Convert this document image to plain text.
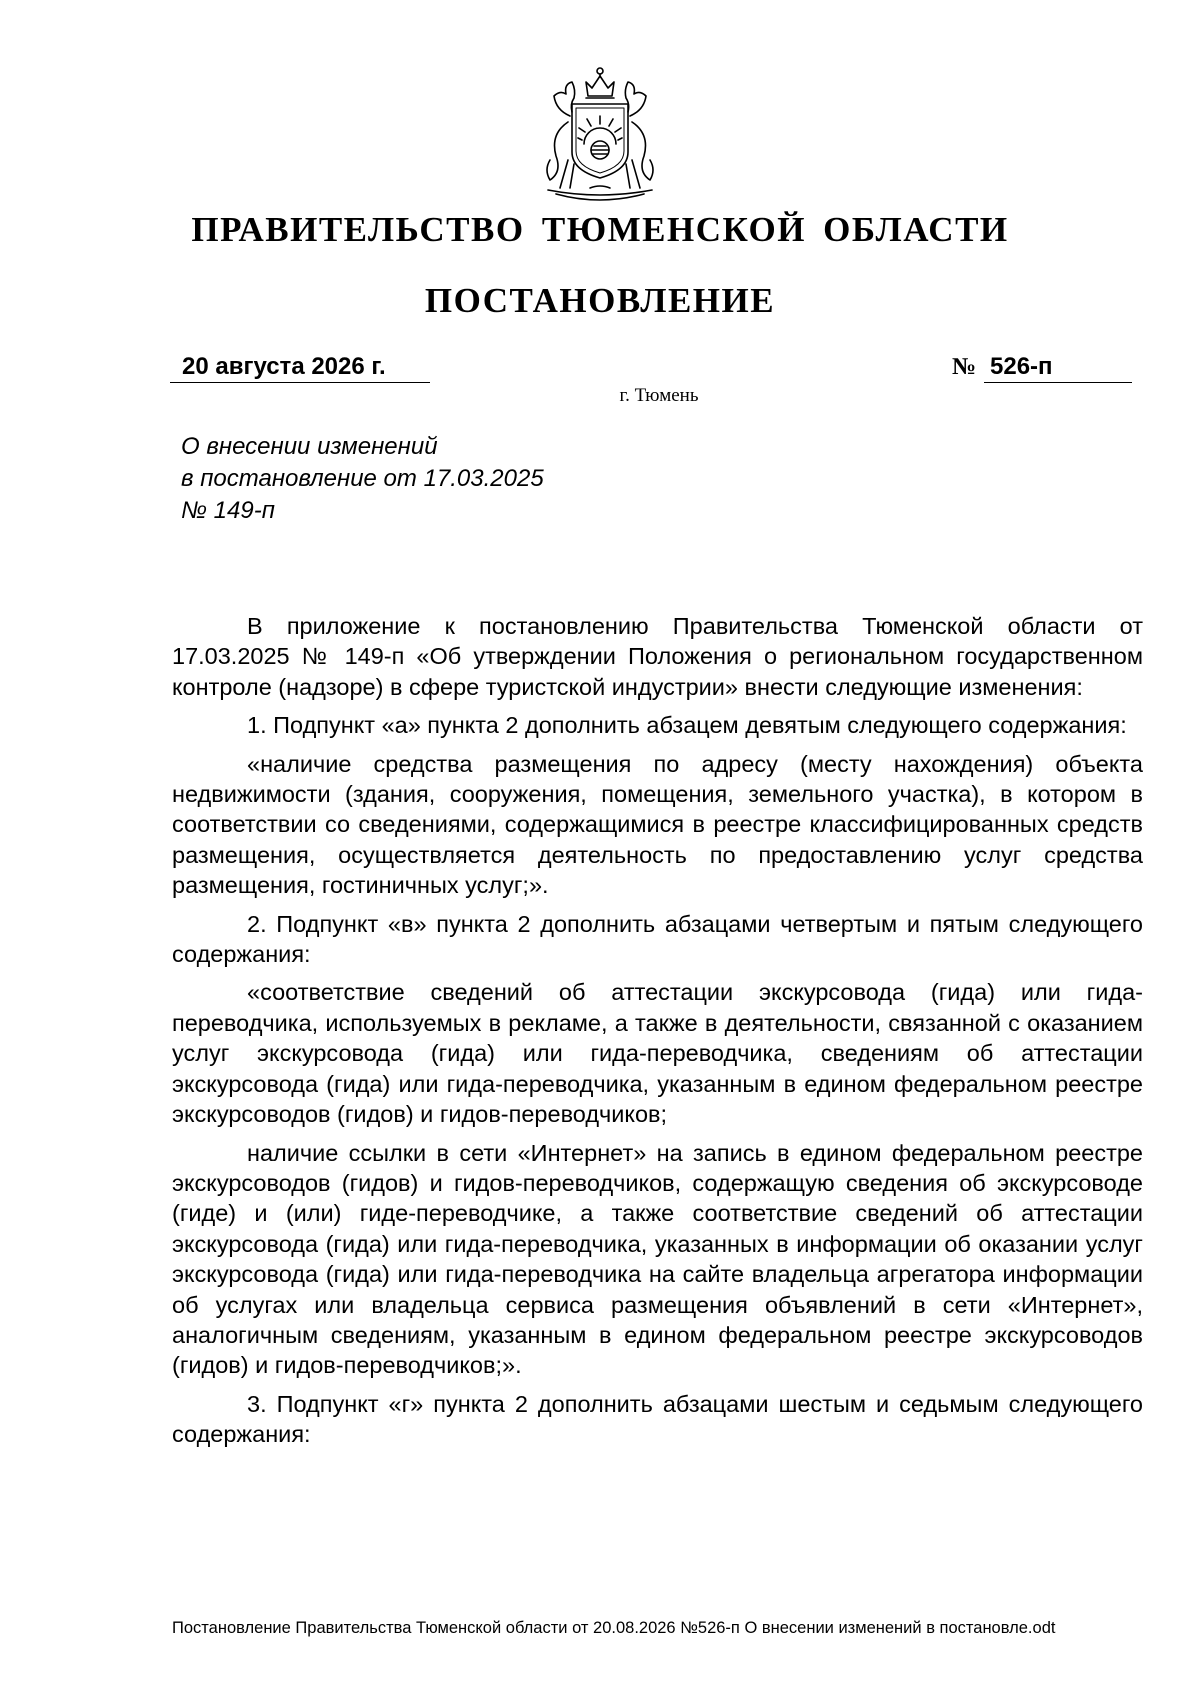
ПРАВИТЕЛЬСТВО ТЮМЕНСКОЙ ОБЛАСТИ
ПОСТАНОВЛЕНИЕ
20 августа 2026 г.	№ 526-п
г. Тюмень
О внесении изменений
в постановление от 17.03.2025
№ 149-п

В приложение к постановлению Правительства Тюменской области от 17.03.2025 № 149-п «Об утверждении Положения о региональном государственном контроле (надзоре) в сфере туристской индустрии» внести следующие изменения:

1. Подпункт «а» пункта 2 дополнить абзацем девятым следующего содержания:

«наличие средства размещения по адресу (месту нахождения) объекта недвижимости (здания, сооружения, помещения, земельного участка), в котором в соответствии со сведениями, содержащимися в реестре классифицированных средств размещения, осуществляется деятельность по предоставлению услуг средства размещения, гостиничных услуг;».

2. Подпункт «в» пункта 2 дополнить абзацами четвертым и пятым следующего содержания:

«соответствие сведений об аттестации экскурсовода (гида) или гида-переводчика, используемых в рекламе, а также в деятельности, связанной с оказанием услуг экскурсовода (гида) или гида-переводчика, сведениям об аттестации экскурсовода (гида) или гида-переводчика, указанным в едином федеральном реестре экскурсоводов (гидов) и гидов-переводчиков;

наличие ссылки в сети «Интернет» на запись в едином федеральном реестре экскурсоводов (гидов) и гидов-переводчиков, содержащую сведения об экскурсоводе (гиде) и (или) гиде-переводчике, а также соответствие сведений об аттестации экскурсовода (гида) или гида-переводчика, указанных в информации об оказании услуг экскурсовода (гида) или гида-переводчика на сайте владельца агрегатора информации об услугах или владельца сервиса размещения объявлений в сети «Интернет», аналогичным сведениям, указанным в едином федеральном реестре экскурсоводов (гидов) и гидов-переводчиков;».

3. Подпункт «г» пункта 2 дополнить абзацами шестым и седьмым следующего содержания:

Постановление Правительства Тюменской области от 20.08.2026 №526-п О внесении изменений в постановле.odt
